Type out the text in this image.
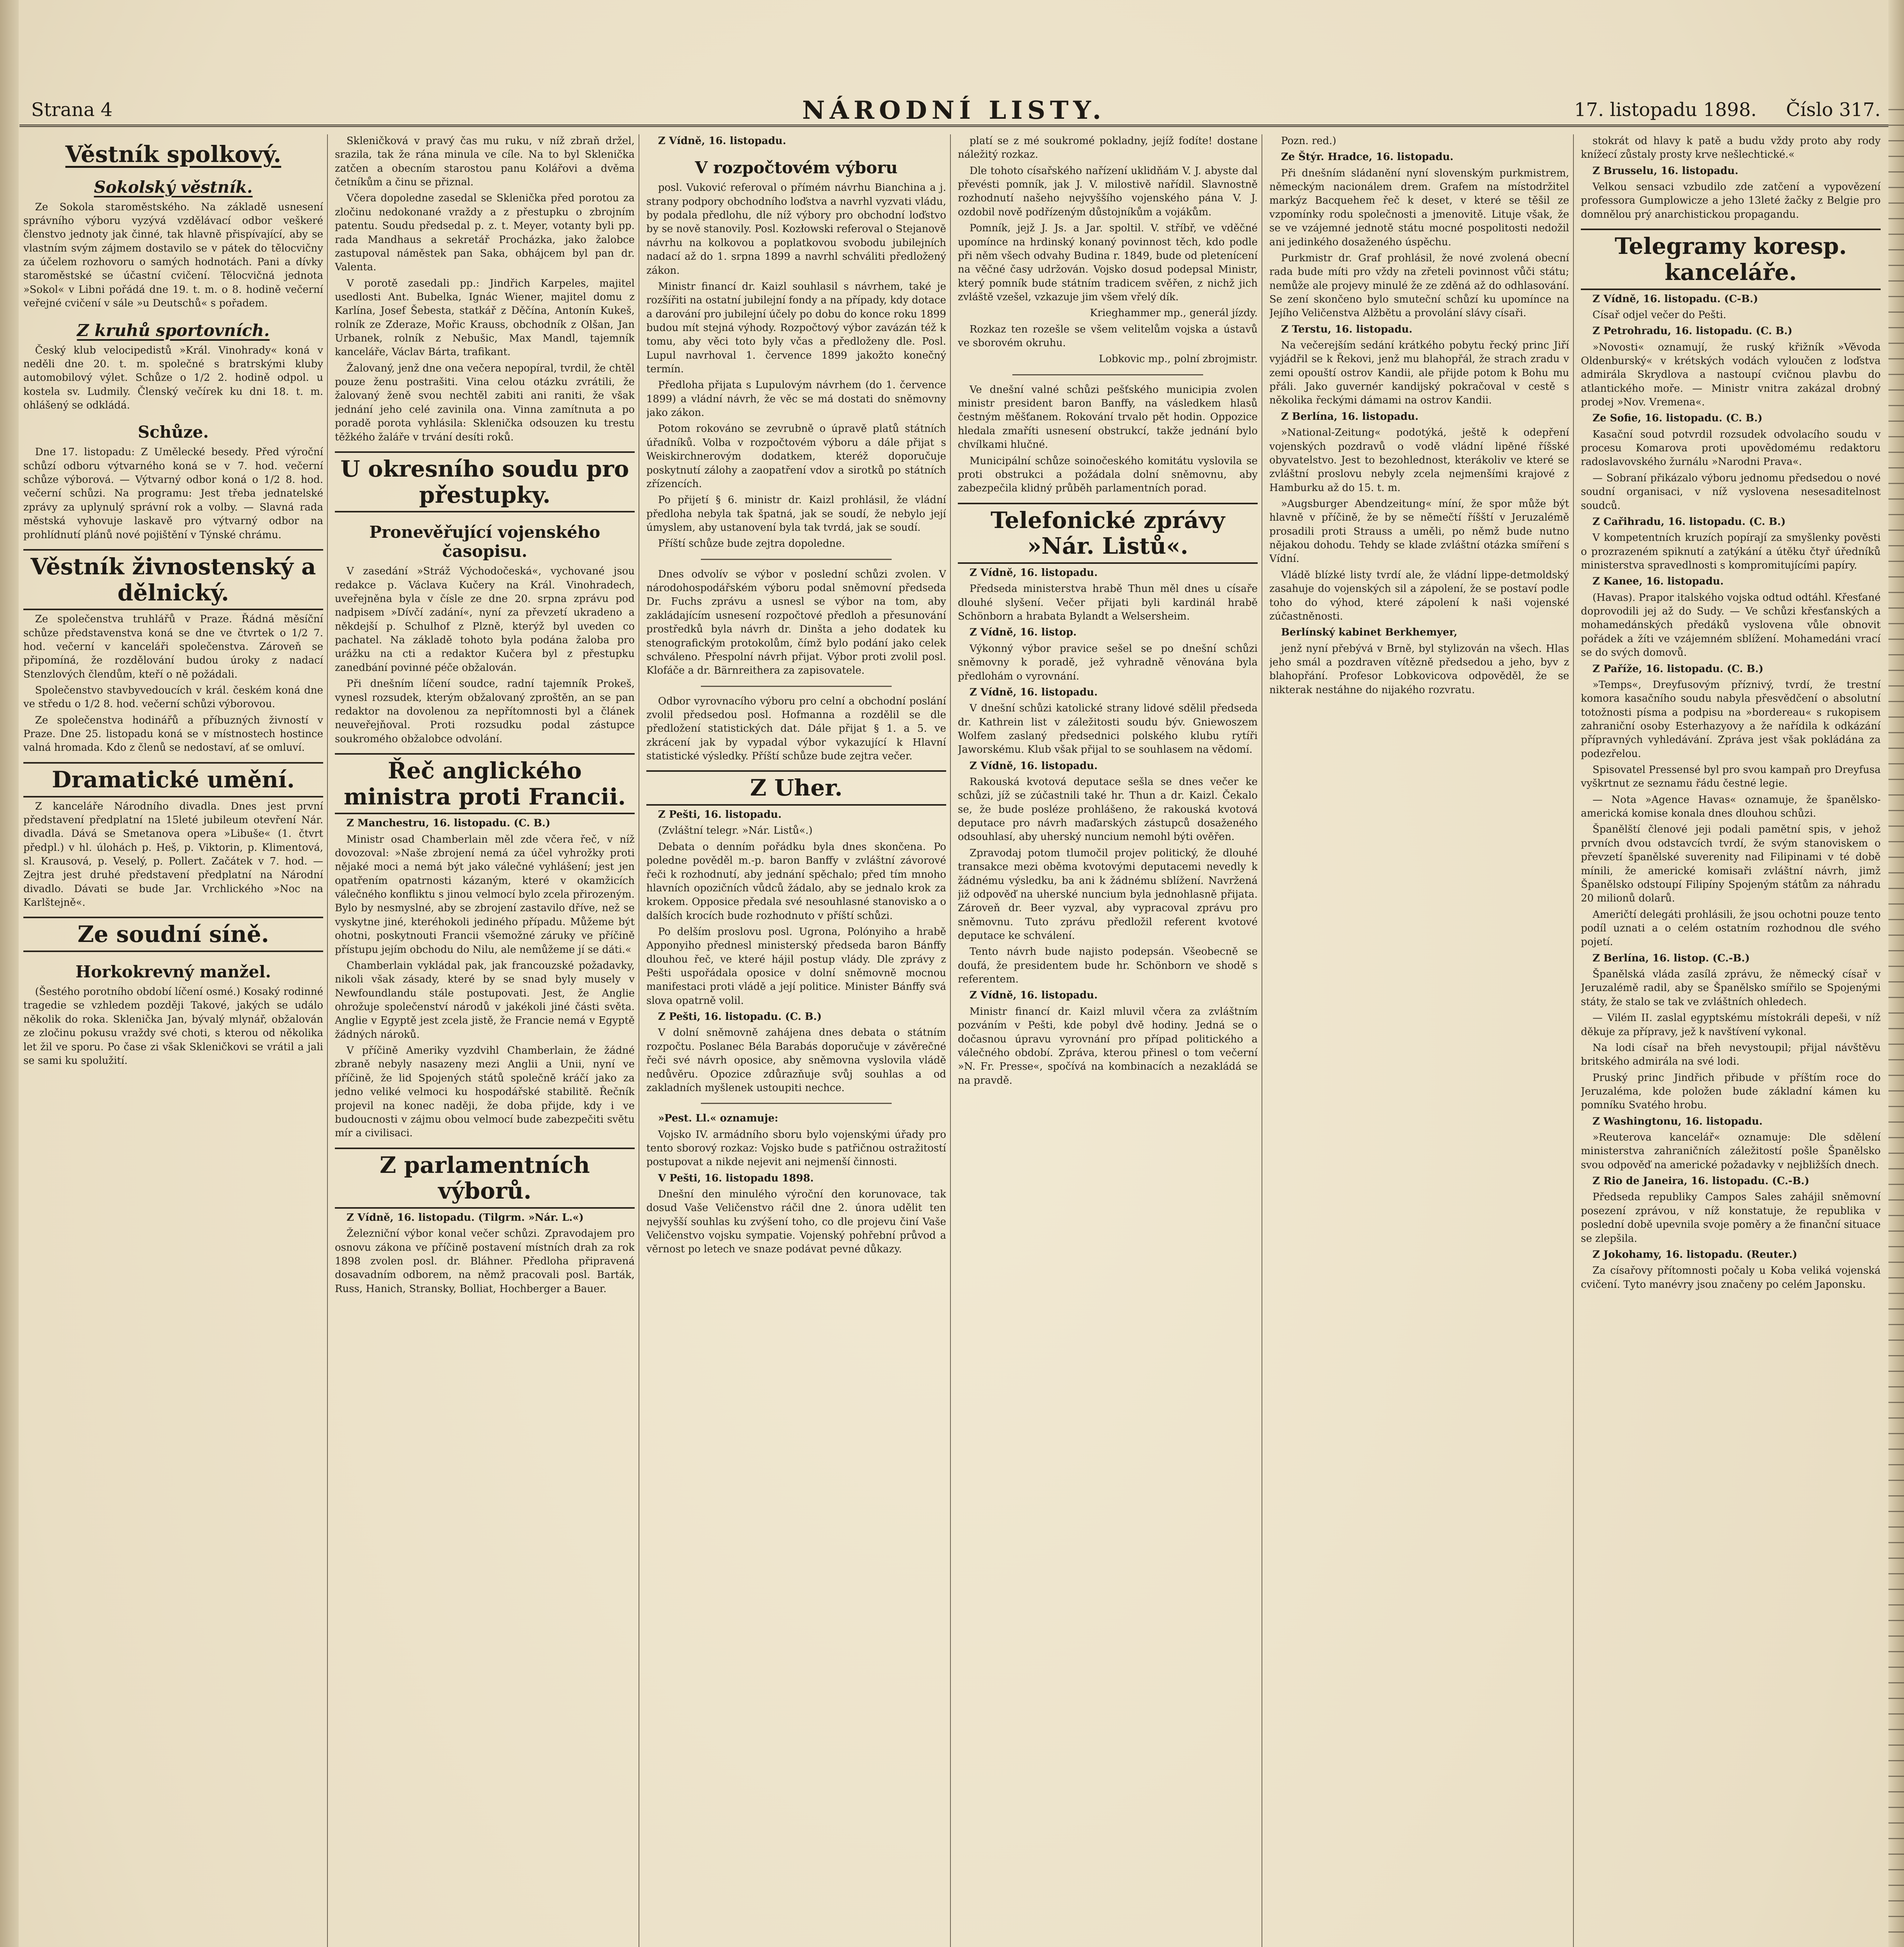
Strana 4	NÁRODNÍ LISTY.	17. listopadu 1898. Číslo 317.
Věstník spolkový.
Sokolský věstník.

Ze Sokola staroměstského. Na základě usnesení správního výboru vyzývá vzdělávací odbor veškeré členstvo jednoty jak činné, tak hlavně přispívající, aby se vlastním svým zájmem dostavilo se v pátek do tělocvičny za účelem rozhovoru o samých hodnotách. Pani a dívky staroměstské se účastní cvičení. Tělocvičná jednota »Sokol« v Libni pořádá dne 19. t. m. o 8. hodině večerní veřejné cvičení v sále »u Deutschů« s pořadem.

Z kruhů sportovních.

Český klub velocipedistů »Král. Vinohrady« koná v neděli dne 20. t. m. společné s bratrskými kluby automobilový výlet. Schůze o 1/2 2. hodině odpol. u kostela sv. Ludmily. Členský večírek ku dni 18. t. m. ohlášený se odkládá.

Schůze.

Dne 17. listopadu: Z Umělecké besedy. Před výroční schůzí odboru výtvarného koná se v 7. hod. večerní schůze výborová. — Výtvarný odbor koná o 1/2 8. hod. večerní schůzi. Na programu: Jest třeba jednatelské zprávy za uplynulý správní rok a volby. — Slavná rada městská vyhovuje laskavě pro výtvarný odbor na prohlídnutí plánů nové pojištění v Týnské chrámu.

Věstník živnostenský a dělnický.

Ze společenstva truhlářů v Praze. Řádná měsíční schůze představenstva koná se dne ve čtvrtek o 1/2 7. hod. večerní v kanceláři společenstva. Zároveň se připomíná, že rozdělování budou úroky z nadací Stenzlových člendům, kteří o ně požádali.

Společenstvo stavbyvedoucích v král. českém koná dne ve středu o 1/2 8. hod. večerní schůzi výborovou.

Ze společenstva hodinářů a příbuzných živností v Praze. Dne 25. listopadu koná se v místnostech hostince valná hromada. Kdo z členů se nedostaví, ať se omluví.

Dramatické umění.

Z kanceláře Národního divadla. Dnes jest první představení předplatní na 15leté jubileum otevření Nár. divadla. Dává se Smetanova opera »Libuše« (1. čtvrt předpl.) v hl. úlohách p. Heš, p. Viktorin, p. Klimentová, sl. Krausová, p. Veselý, p. Pollert. Začátek v 7. hod. — Zejtra jest druhé představení předplatní na Národní divadlo. Dávati se bude Jar. Vrchlického »Noc na Karlštejně«.

Ze soudní síně.
Horkokrevný manžel.

(Šestého porotního období líčení osmé.) Kosaký rodinné tragedie se vzhledem později Takové, jakých se událo několik do roka. Sklenička Jan, bývalý mlynář, obžalován ze zločinu pokusu vraždy své choti, s kterou od několika let žil ve sporu. Po čase zi však Skleničkovi se vrátil a jali se sami ku spolužití.

Skleničková v pravý čas mu ruku, v níž zbraň držel, srazila, tak že rána minula ve cíle. Na to byl Sklenička zatčen a obecním starostou panu Kolářovi a dvěma četníkům a činu se přiznal.

Včera dopoledne zasedal se Sklenička před porotou za zločinu nedokonané vraždy a z přestupku o zbrojním patentu. Soudu předsedal p. z. t. Meyer, votanty byli pp. rada Mandhaus a sekretář Procházka, jako žalobce zastupoval náměstek pan Saka, obhájcem byl pan dr. Valenta.

V porotě zasedali pp.: Jindřich Karpeles, majitel usedlosti Ant. Bubelka, Ignác Wiener, majitel domu z Karlína, Josef Šebesta, statkář z Děčína, Antonín Kukeš, rolník ze Zderaze, Mořic Krauss, obchodník z Olšan, Jan Urbanek, rolník z Nebušic, Max Mandl, tajemník kanceláře, Václav Bárta, trafikant.

Žalovaný, jenž dne ona večera nepopíral, tvrdil, že chtěl pouze ženu postrašiti. Vina celou otázku zvrátili, že žalovaný ženě svou nechtěl zabiti ani raniti, že však jednání jeho celé zavinila ona. Vinna zamítnuta a po poradě porota vyhlásila: Sklenička odsouzen ku trestu těžkého žaláře v trvání desíti roků.

U okresního soudu pro přestupky.
Pronevěřující vojenského časopisu.

V zasedání »Stráž Východočeská«, vychované jsou redakce p. Václava Kučery na Král. Vinohradech, uveřejněna byla v čísle ze dne 20. srpna zprávu pod nadpisem »Dívčí zadání«, nyní za převzetí ukradeno a někdejší p. Schulhof z Plzně, kterýž byl uveden co pachatel. Na základě tohoto byla podána žaloba pro urážku na cti a redaktor Kučera byl z přestupku zanedbání povinné péče obžalován.

Při dnešním líčení soudce, radní tajemník Prokeš, vynesl rozsudek, kterým obžalovaný zproštěn, an se pan redaktor na dovolenou za nepřítomnosti byl a článek neuveřejňoval. Proti rozsudku podal zástupce soukromého obžalobce odvolání.

Řeč anglického ministra proti Francii.

Z Manchestru, 16. listopadu. (C. B.)

Ministr osad Chamberlain měl zde včera řeč, v níž dovozoval: »Naše zbrojení nemá za účel vyhrožky proti nějaké moci a nemá být jako válečné vyhlášení; jest jen opatřením opatrnosti kázaným, které v okamžicích válečného konfliktu s jinou velmocí bylo zcela přirozeným. Bylo by nesmyslné, aby se zbrojení zastavilo dříve, než se vyskytne jiné, kteréhokoli jediného případu. Můžeme být ohotni, poskytnouti Francii všemožné záruky ve příčině přístupu jejím obchodu do Nilu, ale nemůžeme jí se dáti.«

Chamberlain vykládal pak, jak francouzské požadavky, nikoli však zásady, které by se snad byly musely v Newfoundlandu stále postupovati. Jest, že Anglie ohrožuje společenství národů v jakékoli jiné části světa. Anglie v Egyptě jest zcela jistě, že Francie nemá v Egyptě žádných nároků.

V příčině Ameriky vyzdvihl Chamberlain, že žádné zbraně nebyly nasazeny mezi Anglii a Unii, nyní ve příčině, že lid Spojených států společně kráčí jako za jedno veliké velmoci ku hospodářské stabilitě. Řečník projevil na konec naději, že doba přijde, kdy i ve budoucnosti v zájmu obou velmocí bude zabezpečiti světu mír a civilisaci.

Z parlamentních výborů.

Z Vídně, 16. listopadu. (Tilgrm. »Nár. L.«)

Železniční výbor konal večer schůzi. Zpravodajem pro osnovu zákona ve příčině postavení místních drah za rok 1898 zvolen posl. dr. Bláhner. Předloha připravená dosavadním odborem, na němž pracovali posl. Barták, Russ, Hanich, Stransky, Bolliat, Hochberger a Bauer.

Z Vídně, 16. listopadu.

V rozpočtovém výboru

posl. Vuković referoval o přímém návrhu Bianchina a j. strany podpory obchodního loďstva a navrhl vyzvati vládu, by podala předlohu, dle níž výbory pro obchodní loďstvo by se nově stanovily. Posl. Kozłowski referoval o Stejanově návrhu na kolkovou a poplatkovou svobodu jubilejních nadací až do 1. srpna 1899 a navrhl schváliti předložený zákon.

Ministr financí dr. Kaizl souhlasil s návrhem, také je rozšířiti na ostatní jubilejní fondy a na případy, kdy dotace a darování pro jubilejní účely po dobu do konce roku 1899 budou mít stejná výhody. Rozpočtový výbor zavázán též k tomu, aby věci toto byly včas a předloženy dle. Posl. Lupul navrhoval 1. července 1899 jakožto konečný termín.

Předloha přijata s Lupulovým návrhem (do 1. července 1899) a vládní návrh, že věc se má dostati do sněmovny jako zákon.

Potom rokováno se zevrubně o úpravě platů státních úřadníků. Volba v rozpočtovém výboru a dále přijat s Weiskirchnerovým dodatkem, kteréž doporučuje poskytnutí zálohy a zaopatření vdov a sirotků po státních zřízencích.

Po přijetí § 6. ministr dr. Kaizl prohlásil, že vládní předloha nebyla tak špatná, jak se soudí, že nebylo její úmyslem, aby ustanovení byla tak tvrdá, jak se soudí.

Příští schůze bude zejtra dopoledne.

Dnes odvolív se výbor v poslední schůzi zvolen. V národohospodářském výboru podal sněmovní předseda Dr. Fuchs zprávu a usnesl se výbor na tom, aby zakládajícím usnesení rozpočtové předloh a přesunování prostředků byla návrh dr. Dinšta a jeho dodatek ku stenografickým protokolům, čímž bylo podání jako celek schváleno. Přespolní návrh přijat. Výbor proti zvolil posl. Klofáče a dr. Bärnreithera za zapisovatele.

Odbor vyrovnacího výboru pro celní a obchodní poslání zvolil předsedou posl. Hofmanna a rozdělil se dle předložení statistických dat. Dále přijat § 1. a 5. ve zkrácení jak by vypadal výbor vykazující k Hlavní statistické výsledky. Příští schůze bude zejtra večer.

Z Uher.

Z Pešti, 16. listopadu.

(Zvláštní telegr. »Nár. Listů«.)

Debata o denním pořádku byla dnes skončena. Po poledne pověděl m.-p. baron Banffy v zvláštní závorové řeči k rozhodnutí, aby jednání spěchalo; před tím mnoho hlavních opozičních vůdců žádalo, aby se jednalo krok za krokem. Opposice předala své nesouhlasné stanovisko a o dalších krocích bude rozhodnuto v příští schůzi.

Po delším proslovu posl. Ugrona, Polónyiho a hrabě Apponyiho přednesl ministerský předseda baron Bánffy dlouhou řeč, ve které hájil postup vlády. Dle zprávy z Pešti uspořádala oposice v dolní sněmovně mocnou manifestaci proti vládě a její politice. Minister Bánffy svá slova opatrně volil.

Z Pešti, 16. listopadu. (C. B.)

V dolní sněmovně zahájena dnes debata o státním rozpočtu. Poslanec Béla Barabás doporučuje v závěrečné řeči své návrh oposice, aby sněmovna vyslovila vládě nedůvěru. Opozice zdůrazňuje svůj souhlas a od zakladních myšlenek ustoupiti nechce.

»Pest. Ll.« oznamuje:

Vojsko IV. armádního sboru bylo vojenskými úřady pro tento sborový rozkaz: Vojsko bude s patřičnou ostražitostí postupovat a nikde nejevit ani nejmenší činnosti.

V Pešti, 16. listopadu 1898.

Dnešní den minulého výroční den korunovace, tak dosud Vaše Veličenstvo ráčil dne 2. února udělit ten nejvyšší souhlas ku zvýšení toho, co dle projevu činí Vaše Veličenstvo vojsku sympatie. Vojenský pohřební průvod a věrnost po letech ve snaze podávat pevné důkazy.

platí se z mé soukromé pokladny, jejíž fodíte! dostane náležitý rozkaz.

Dle tohoto císařského nařízení uklidňám V. J. abyste dal převésti pomník, jak J. V. milostivě nařídil. Slavnostně rozhodnutí našeho nejvyššího vojenského pána V. J. ozdobil nově podřízeným důstojníkům a vojákům.

Pomník, jejž J. Js. a Jar. spoltil. V. stříbř, ve vděčné upomínce na hrdinský konaný povinnost těch, kdo podle při něm všech odvahy Budina r. 1849, bude od pletenícení na věčné časy udržován. Vojsko dosud podepsal Ministr, který pomník bude státním tradicem svěřen, z nichž jich zvláště vzešel, vzkazuje jim všem vřelý dík.

Krieghammer mp., generál jízdy.

Rozkaz ten rozešle se všem velitelům vojska a ústavů ve sborovém okruhu.

Lobkovic mp., polní zbrojmistr.

Ve dnešní valné schůzi pešťského municipia zvolen ministr president baron Banffy, na vásledkem hlasů čestným měšťanem. Rokování trvalo pět hodin. Oppozice hledala zmaříti usnesení obstrukcí, takže jednání bylo chvílkami hlučné.

Municipální schůze soinočeského komitátu vyslovila se proti obstrukci a požádala dolní sněmovnu, aby zabezpečila klidný průběh parlamentních porad.

Telefonické zprávy »Nár. Listů«.

Z Vídně, 16. listopadu.

Předseda ministerstva hrabě Thun měl dnes u císaře dlouhé slyšení. Večer přijati byli kardinál hrabě Schönborn a hrabata Bylandt a Welsersheim.

Z Vídně, 16. listop.

Výkonný výbor pravice sešel se po dnešní schůzi sněmovny k poradě, jež vyhradně věnována byla předlohám o vyrovnání.

Z Vídně, 16. listopadu.

V dnešní schůzi katolické strany lidové sdělil předseda dr. Kathrein list v záležitosti soudu býv. Gniewoszem Wolfem zaslaný předsednici polského klubu rytíři Jaworskému. Klub však přijal to se souhlasem na vědomí.

Z Vídně, 16. listopadu.

Rakouská kvotová deputace sešla se dnes večer ke schůzi, jíž se zúčastnili také hr. Thun a dr. Kaizl. Čekalo se, že bude posléze prohlášeno, že rakouská kvotová deputace pro návrh maďarských zástupců dosaženého odsouhlasí, aby uherský nuncium nemohl býti ověřen.

Zpravodaj potom tlumočil projev politický, že dlouhé transakce mezi oběma kvotovými deputacemi nevedly k žádnému výsledku, ba ani k žádnému sblížení. Navržená již odpověď na uherské nuncium byla jednohlasně přijata. Zároveň dr. Beer vyzval, aby vypracoval zprávu pro sněmovnu. Tuto zprávu předložil referent kvotové deputace ke schválení.

Tento návrh bude najisto podepsán. Všeobecně se doufá, že presidentem bude hr. Schönborn ve shodě s referentem.

Z Vídně, 16. listopadu.

Ministr financí dr. Kaizl mluvil včera za zvláštním pozváním v Pešti, kde pobyl dvě hodiny. Jedná se o dočasnou úpravu vyrovnání pro případ politického a válečného období. Zpráva, kterou přinesl o tom večerní »N. Fr. Presse«, spočívá na kombinacích a nezakládá se na pravdě.

Pozn. red.)

Ze Štýr. Hradce, 16. listopadu.

Při dnešním sládanění nyní slovenským purkmistrem, německým nacionálem drem. Grafem na místodržitel markýz Bacquehem řeč k deset, v které se těšil ze vzpomínky rodu společnosti a jmenovitě. Lituje však, že se ve vzájemné jednotě státu mocné pospolitosti nedožil ani jedinkého dosaženého úspěchu.

Purkmistr dr. Graf prohlásil, že nové zvolená obecní rada bude míti pro vždy na zřeteli povinnost vůči státu; nemůže ale projevy minulé že ze zděná až do odhlasování. Se zení skončeno bylo smuteční schůzí ku upomínce na Jejího Veličenstva Alžbětu a provolání slávy císaři.

Z Terstu, 16. listopadu.

Na večerejším sedání krátkého pobytu řecký princ Jiří vyjádřil se k Řekovi, jenž mu blahopřál, že strach zradu v zemi opouští ostrov Kandii, ale přijde potom k Bohu mu přáli. Jako guvernér kandijský pokračoval v cestě s několika řeckými dámami na ostrov Kandii.

Z Berlína, 16. listopadu.

»National-Zeitung« podotýká, ještě k odepření vojenských pozdravů o vodě vládní lipěné říšské obyvatelstvo. Jest to bezohlednost, kterákoliv ve které se zvláštní proslovu nebyly zcela nejmenšími krajové z Hamburku až do 15. t. m.

»Augsburger Abendzeitung« míní, že spor může být hlavně v příčině, že by se němečtí říšští v Jeruzalémě prosadili proti Strauss a uměli, po němž bude nutno nějakou dohodu. Tehdy se klade zvláštní otázka smíření s Vídní.

Vládě blízké listy tvrdí ale, že vládní lippe-detmoldský zasahuje do vojenských sil a zápolení, že se postaví podle toho do výhod, které zápolení k naši vojenské zúčastněnosti.

Berlínský kabinet Berkhemyer,

jenž nyní přebývá v Brně, byl stylizován na všech. Hlas jeho smál a pozdraven vítězně předsedou a jeho, byv z blahopřání. Profesor Lobkovicova odpověděl, že se nikterak nestáhne do nijakého rozvratu.

stokrát od hlavy k patě a budu vždy proto aby rody knížecí zůstaly prosty krve nešlechtické.«

Z Brusselu, 16. listopadu.

Velkou sensaci vzbudilo zde zatčení a vypovězení professora Gumplowicze a jeho 13leté žačky z Belgie pro domnělou prý anarchistickou propagandu.

Telegramy koresp. kanceláře.

Z Vídně, 16. listopadu. (C-B.)

Císař odjel večer do Pešti.

Z Petrohradu, 16. listopadu. (C. B.)

»Novosti« oznamují, že ruský křižník »Věvoda Oldenburský« v krétských vodách vyloučen z loďstva admirála Skrydlova a nastoupí cvičnou plavbu do atlantického moře. — Ministr vnitra zakázal drobný prodej »Nov. Vremena«.

Ze Sofie, 16. listopadu. (C. B.)

Kasační soud potvrdil rozsudek odvolacího soudu v procesu Komarova proti upovědomému redaktoru radoslavovského žurnálu »Narodni Prava«.

— Sobraní přikázalo výboru jednomu předsedou o nové soudní organisaci, v níž vyslovena nesesaditelnost soudců.

Z Cařihradu, 16. listopadu. (C. B.)

V kompetentních kruzích popírají za smyšlenky pověsti o prozrazeném spiknutí a zatýkání a útěku čtyř úředníků ministerstva spravedlnosti s kompromitujícími papíry.

Z Kanee, 16. listopadu.

(Havas). Prapor italského vojska odtud odtáhl. Křesťané doprovodili jej až do Sudy. — Ve schůzi křesťanských a mohamedánských předáků vyslovena vůle obnovit pořádek a žíti ve vzájemném sblížení. Mohamedáni vrací se do svých domovů.

Z Paříže, 16. listopadu. (C. B.)

»Temps«, Dreyfusovým příznivý, tvrdí, že trestní komora kasačního soudu nabyla přesvědčení o absolutní totožnosti písma a podpisu na »bordereau« s rukopisem zahraniční osoby Esterhazyovy a že nařídila k odkázání přípravných vyhledávání. Zpráva jest však pokládána za podezřelou.

Spisovatel Pressensé byl pro svou kampaň pro Dreyfusa vyškrtnut ze seznamu řádu čestné legie.

— Nota »Agence Havas« oznamuje, že španělsko-americká komise konala dnes dlouhou schůzi.

Španělští členové jeji podali pamětní spis, v jehož prvních dvou odstavcích tvrdí, že svým stanoviskem o převzetí španělské suverenity nad Filipinami v té době mínili, že americké komisaři zvláštní návrh, jimž Španělsko odstoupí Filipíny Spojeným státům za náhradu 20 milionů dolarů.

Američtí delegáti prohlásili, že jsou ochotni pouze tento podíl uznati a o celém ostatním rozhodnou dle svého pojetí.

Z Berlína, 16. listop. (C.-B.)

Španělská vláda zasílá zprávu, že německý císař v Jeruzalémě radil, aby se Španělsko smířilo se Spojenými státy, že stalo se tak ve zvláštních ohledech.

— Vilém II. zaslal egyptskému místokráli depeši, v níž děkuje za přípravy, jež k navštívení vykonal.

Na lodi císař na břeh nevystoupil; přijal návštěvu britského admirála na své lodi.

Pruský princ Jindřich přibude v příštím roce do Jeruzaléma, kde položen bude základní kámen ku pomníku Svatého hrobu.

Z Washingtonu, 16. listopadu.

»Reuterova kancelář« oznamuje: Dle sdělení ministerstva zahraničních záležitostí pošle Španělsko svou odpověď na americké požadavky v nejbližších dnech.

Z Rio de Janeira, 16. listopadu. (C.-B.)

Předseda republiky Campos Sales zahájil sněmovní posezení zprávou, v níž konstatuje, že republika v poslední době upevnila svoje poměry a že finanční situace se zlepšila.

Z Jokohamy, 16. listopadu. (Reuter.)

Za císařovy přítomnosti počaly u Koba veliká vojenská cvičení. Tyto manévry jsou značeny po celém Japonsku.
